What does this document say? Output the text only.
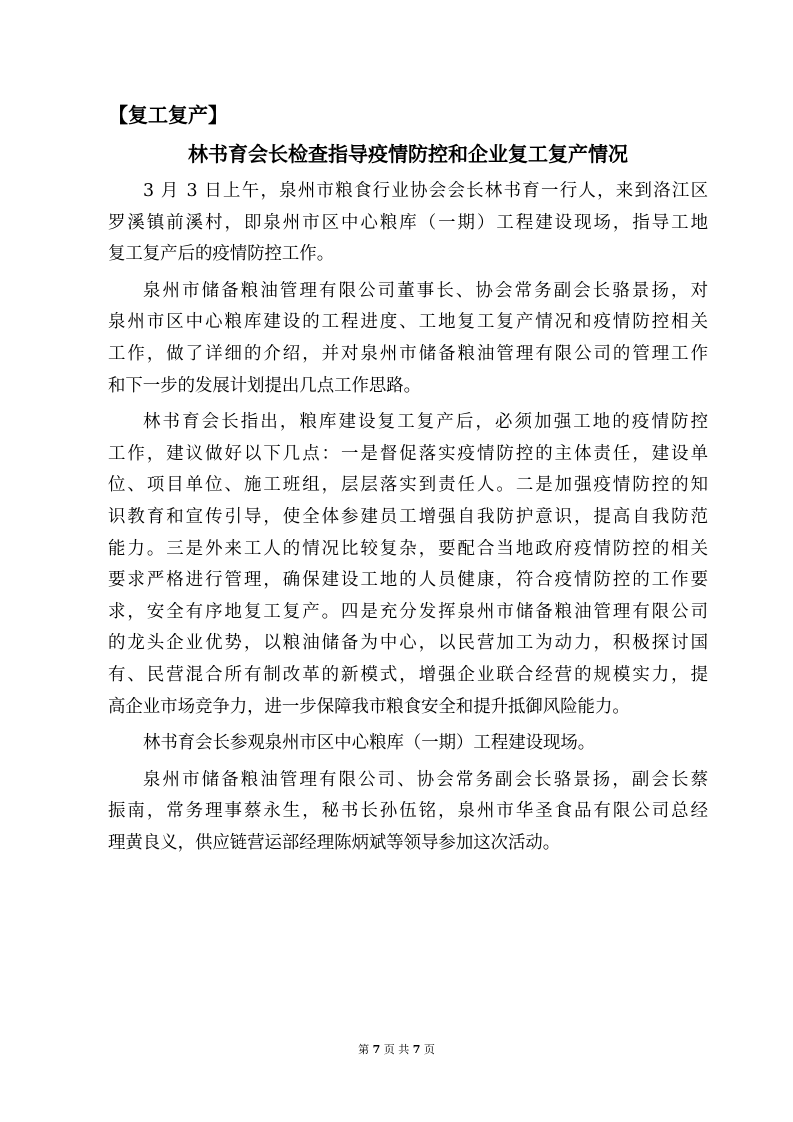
【复工复产】
林书育会长检查指导疫情防控和企业复工复产情况
3 月 3 日上午，泉州市粮食行业协会会长林书育一行人，来到洛江区
罗溪镇前溪村，即泉州市区中心粮库（一期）工程建设现场，指导工地
复工复产后的疫情防控工作。
泉州市储备粮油管理有限公司董事长、协会常务副会长骆景扬，对
泉州市区中心粮库建设的工程进度、工地复工复产情况和疫情防控相关
工作，做了详细的介绍，并对泉州市储备粮油管理有限公司的管理工作
和下一步的发展计划提出几点工作思路。
林书育会长指出，粮库建设复工复产后，必须加强工地的疫情防控
工作，建议做好以下几点：一是督促落实疫情防控的主体责任，建设单
位、项目单位、施工班组，层层落实到责任人。二是加强疫情防控的知
识教育和宣传引导，使全体参建员工增强自我防护意识，提高自我防范
能力。三是外来工人的情况比较复杂，要配合当地政府疫情防控的相关
要求严格进行管理，确保建设工地的人员健康，符合疫情防控的工作要
求，安全有序地复工复产。四是充分发挥泉州市储备粮油管理有限公司
的龙头企业优势，以粮油储备为中心，以民营加工为动力，积极探讨国
有、民营混合所有制改革的新模式，增强企业联合经营的规模实力，提
高企业市场竞争力，进一步保障我市粮食安全和提升抵御风险能力。
林书育会长参观泉州市区中心粮库（一期）工程建设现场。
泉州市储备粮油管理有限公司、协会常务副会长骆景扬，副会长蔡
振南，常务理事蔡永生，秘书长孙伍铭，泉州市华圣食品有限公司总经
理黄良义，供应链营运部经理陈炳斌等领导参加这次活动。
第 7 页 共 7 页
